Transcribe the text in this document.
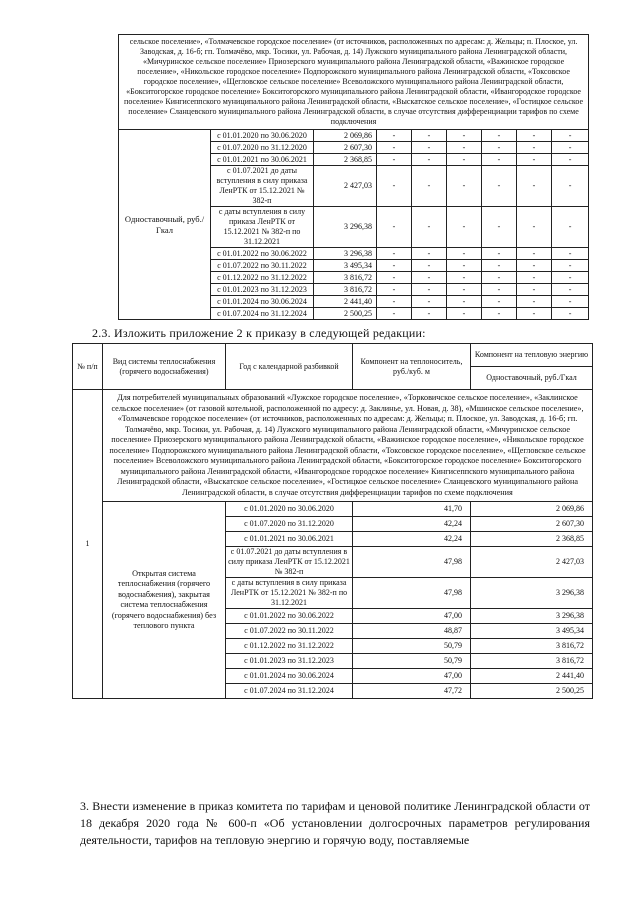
сельское поселение», «Толмачевское городское поселение» (от источников, расположенных по адресам: д. Жельцы; п. Плоское, ул. Заводская, д. 16-б; гп. Толмачёво, мкр. Тосики, ул. Рабочая, д. 14) Лужского муниципального района Ленинградской области, «Мичуринское сельское поселение» Приозерского муниципального района Ленинградской области, «Важинское городское поселение», «Никольское городское поселение» Подпорожского муниципального района Ленинградской области, «Токсовское городское поселение», «Щегловское сельское поселение» Всеволожского муниципального района Ленинградской области, «Бокситогорское городское поселение» Бокситогорского муниципального района Ленинградской области, «Ивангородское городское поселение» Кингисеппского муниципального района Ленинградской области, «Выскатское сельское поселение», «Гостицкое сельское поселение» Сланцевского муниципального района Ленинградской области, в случае отсутствия дифференциации тарифов по схеме подключения								
Одноставочный, руб./Гкал	с 01.01.2020 по 30.06.2020	2 069,86	-	-	-	-	-	-
	с 01.07.2020 по 31.12.2020	2 607,30	-	-	-	-	-	-
	с 01.01.2021 по 30.06.2021	2 368,85	-	-	-	-	-	-
	с 01.07.2021 до даты вступления в силу приказа ЛенРТК от 15.12.2021 № 382-п	2 427,03	-	-	-	-	-	-
	с даты вступления в силу приказа ЛенРТК от 15.12.2021 № 382-п по 31.12.2021	3 296,38	-	-	-	-	-	-
	с 01.01.2022 по 30.06.2022	3 296,38	-	-	-	-	-	-
	с 01.07.2022 по 30.11.2022	3 495,34	-	-	-	-	-	-
	с 01.12.2022 по 31.12.2022	3 816,72	-	-	-	-	-	-
	с 01.01.2023 по 31.12.2023	3 816,72	-	-	-	-	-	-
	с 01.01.2024 по 30.06.2024	2 441,40	-	-	-	-	-	-
	с 01.07.2024 по 31.12.2024	2 500,25	-	-	-	-	-	-
2.3. Изложить приложение 2 к приказу в следующей редакции:
№ п/п	Вид системы теплоснабжения (горячего водоснабжения)	Год с календарной разбивкой	Компонент на теплоноситель, руб./куб. м	Компонент на тепловую энергию
				Одноставочный, руб./Гкал
1	Для потребителей муниципальных образований «Лужское городское поселение», «Торковичское сельское поселение», «Заклинское сельское поселение» (от газовой котельной, расположенной по адресу: д. Заклинье, ул. Новая, д. 38), «Мшинское сельское поселение», «Толмачевское городское поселение» (от источников, расположенных по адресам: д. Жельцы; п. Плоское, ул. Заводская, д. 16-б; гп. Толмачёво, мкр. Тосики, ул. Рабочая, д. 14) Лужского муниципального района Ленинградской области, «Мичуринское сельское поселение» Приозерского муниципального района Ленинградской области, «Важинское городское поселение», «Никольское городское поселение» Подпорожского муниципального района Ленинградской области, «Токсовское городское поселение», «Щегловское сельское поселение» Всеволожского муниципального района Ленинградской области, «Бокситогорское городское поселение» Бокситогорского муниципального района Ленинградской области, «Ивангородское городское поселение» Кингисеппского муниципального района Ленинградской области, «Выскатское сельское поселение», «Гостицкое сельское поселение» Сланцевского муниципального района Ленинградской области, в случае отсутствия дифференциации тарифов по схеме подключения			
	Открытая система теплоснабжения (горячего водоснабжения), закрытая система теплоснабжения (горячего водоснабжения) без теплового пункта	с 01.01.2020 по 30.06.2020	41,70	2 069,86
		с 01.07.2020 по 31.12.2020	42,24	2 607,30
		с 01.01.2021 по 30.06.2021	42,24	2 368,85
		с 01.07.2021 до даты вступления в силу приказа ЛенРТК от 15.12.2021 № 382-п	47,98	2 427,03
		с даты вступления в силу приказа ЛенРТК от 15.12.2021 № 382-п по 31.12.2021	47,98	3 296,38
		с 01.01.2022 по 30.06.2022	47,00	3 296,38
		с 01.07.2022 по 30.11.2022	48,87	3 495,34
		с 01.12.2022 по 31.12.2022	50,79	3 816,72
		с 01.01.2023 по 31.12.2023	50,79	3 816,72
		с 01.01.2024 по 30.06.2024	47,00	2 441,40
		с 01.07.2024 по 31.12.2024	47,72	2 500,25
3. Внести изменение в приказ комитета по тарифам и ценовой политике Ленинградской области от 18 декабря 2020 года № 600-п «Об установлении долгосрочных параметров регулирования деятельности, тарифов на тепловую энергию и горячую воду, поставляемые
